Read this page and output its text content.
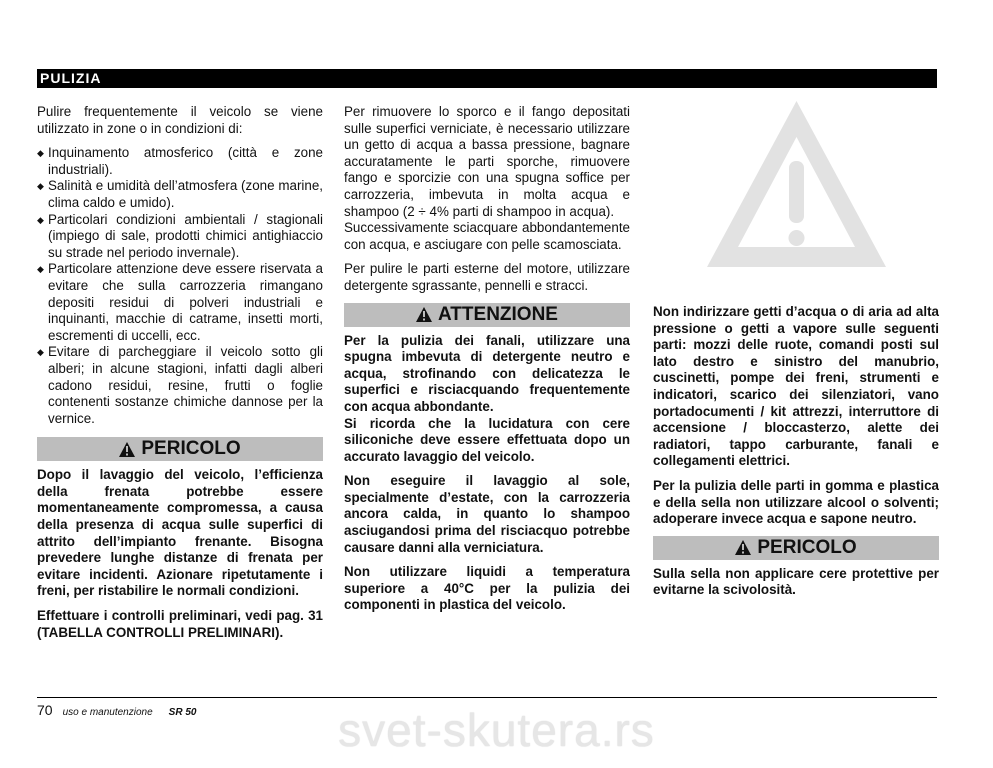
PULIZIA

Pulire frequentemente il veicolo se viene utilizzato in zone o in condizioni di:

◆ Inquinamento atmosferico (città e zone industriali).
◆ Salinità e umidità dell’atmosfera (zone marine, clima caldo e umido).
◆ Particolari condizioni ambientali / stagionali (impiego di sale, prodotti chimici antighiaccio su strade nel periodo invernale).
◆ Particolare attenzione deve essere riservata a evitare che sulla carrozzeria rimangano depositi residui di polveri industriali e inquinanti, macchie di catrame, insetti morti, escrementi di uccelli, ecc.
◆ Evitare di parcheggiare il veicolo sotto gli alberi; in alcune stagioni, infatti dagli alberi cadono residui, resine, frutti o foglie contenenti sostanze chimiche dannose per la vernice.
PERICOLO

Dopo il lavaggio del veicolo, l’efficienza della frenata potrebbe essere momentaneamente compromessa, a causa della presenza di acqua sulle superfici di attrito dell’impianto frenante. Bisogna prevedere lunghe distanze di frenata per evitare incidenti. Azionare ripetutamente i freni, per ristabilire le normali condizioni.

Effettuare i controlli preliminari, vedi pag. 31 (TABELLA CONTROLLI PRELIMINARI).

Per rimuovere lo sporco e il fango depositati sulle superfici verniciate, è necessario utilizzare un getto di acqua a bassa pressione, bagnare accuratamente le parti sporche, rimuovere fango e sporcizie con una spugna soffice per carrozzeria, imbevuta in molta acqua e shampoo (2 ÷ 4% parti di shampoo in acqua).

Successivamente sciacquare abbondantemente con acqua, e asciugare con pelle scamosciata.

Per pulire le parti esterne del motore, utilizzare detergente sgrassante, pennelli e stracci.

ATTENZIONE

Per la pulizia dei fanali, utilizzare una spugna imbevuta di detergente neutro e acqua, strofinando con delicatezza le superfici e risciacquando frequentemente con acqua abbondante.

Si ricorda che la lucidatura con cere siliconiche deve essere effettuata dopo un accurato lavaggio del veicolo.

Non eseguire il lavaggio al sole, specialmente d’estate, con la carrozzeria ancora calda, in quanto lo shampoo asciugandosi prima del risciacquo potrebbe causare danni alla verniciatura.

Non utilizzare liquidi a temperatura superiore a 40°C per la pulizia dei componenti in plastica del veicolo.

Non indirizzare getti d’acqua o di aria ad alta pressione o getti a vapore sulle seguenti parti: mozzi delle ruote, comandi posti sul lato destro e sinistro del manubrio, cuscinetti, pompe dei freni, strumenti e indicatori, scarico dei silenziatori, vano portadocumenti / kit attrezzi, interruttore di accensione / bloccasterzo, alette dei radiatori, tappo carburante, fanali e collegamenti elettrici.

Per la pulizia delle parti in gomma e plastica e della sella non utilizzare alcool o solventi; adoperare invece acqua e sapone neutro.

PERICOLO

Sulla sella non applicare cere protettive per evitarne la scivolosità.

70 uso e manutenzione SR 50	svet-skutera.rs
